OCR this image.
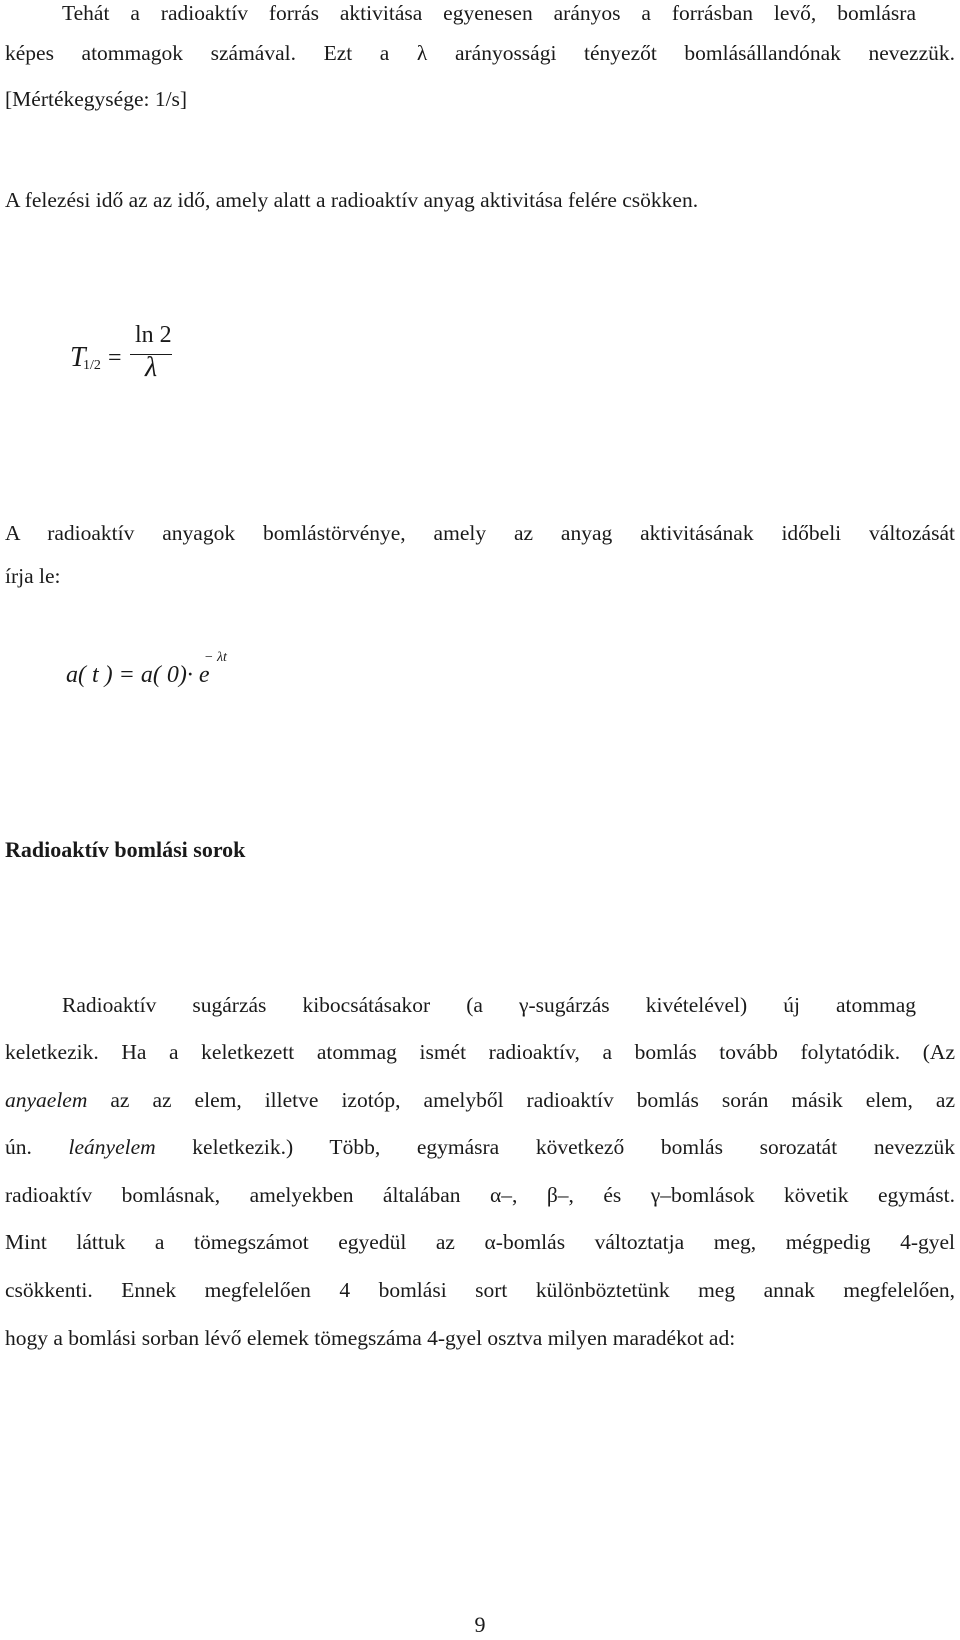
Tehát a radioaktív forrás aktivitása egyenesen arányos a forrásban levő, bomlásra
képes atommagok számával. Ezt a λ arányossági tényezőt bomlásállandónak nevezzük.
[Mértékegysége: 1/s]
A felezési idő az az idő, amely alatt a radioaktív anyag aktivitása felére csökken.
T
1/2 =
ln 2
λ
A radioaktív anyagok bomlástörvénye, amely az anyag aktivitásának időbeli változását
írja le:
a( t ) = a( 0)· e
− λt
Radioaktív bomlási sorok
Radioaktív sugárzás kibocsátásakor (a γ-sugárzás kivételével) új atommag
keletkezik. Ha a keletkezett atommag ismét radioaktív, a bomlás tovább folytatódik. (Az
anyaelem az az elem, illetve izotóp, amelyből radioaktív bomlás során másik elem, az
ún. leányelem keletkezik.) Több, egymásra következő bomlás sorozatát nevezzük
radioaktív bomlásnak, amelyekben általában α–, β–, és γ–bomlások követik egymást.
Mint láttuk a tömegszámot egyedül az α-bomlás változtatja meg, mégpedig 4-gyel
csökkenti. Ennek megfelelően 4 bomlási sort különböztetünk meg annak megfelelően,
hogy a bomlási sorban lévő elemek tömegszáma 4-gyel osztva milyen maradékot ad:
9
